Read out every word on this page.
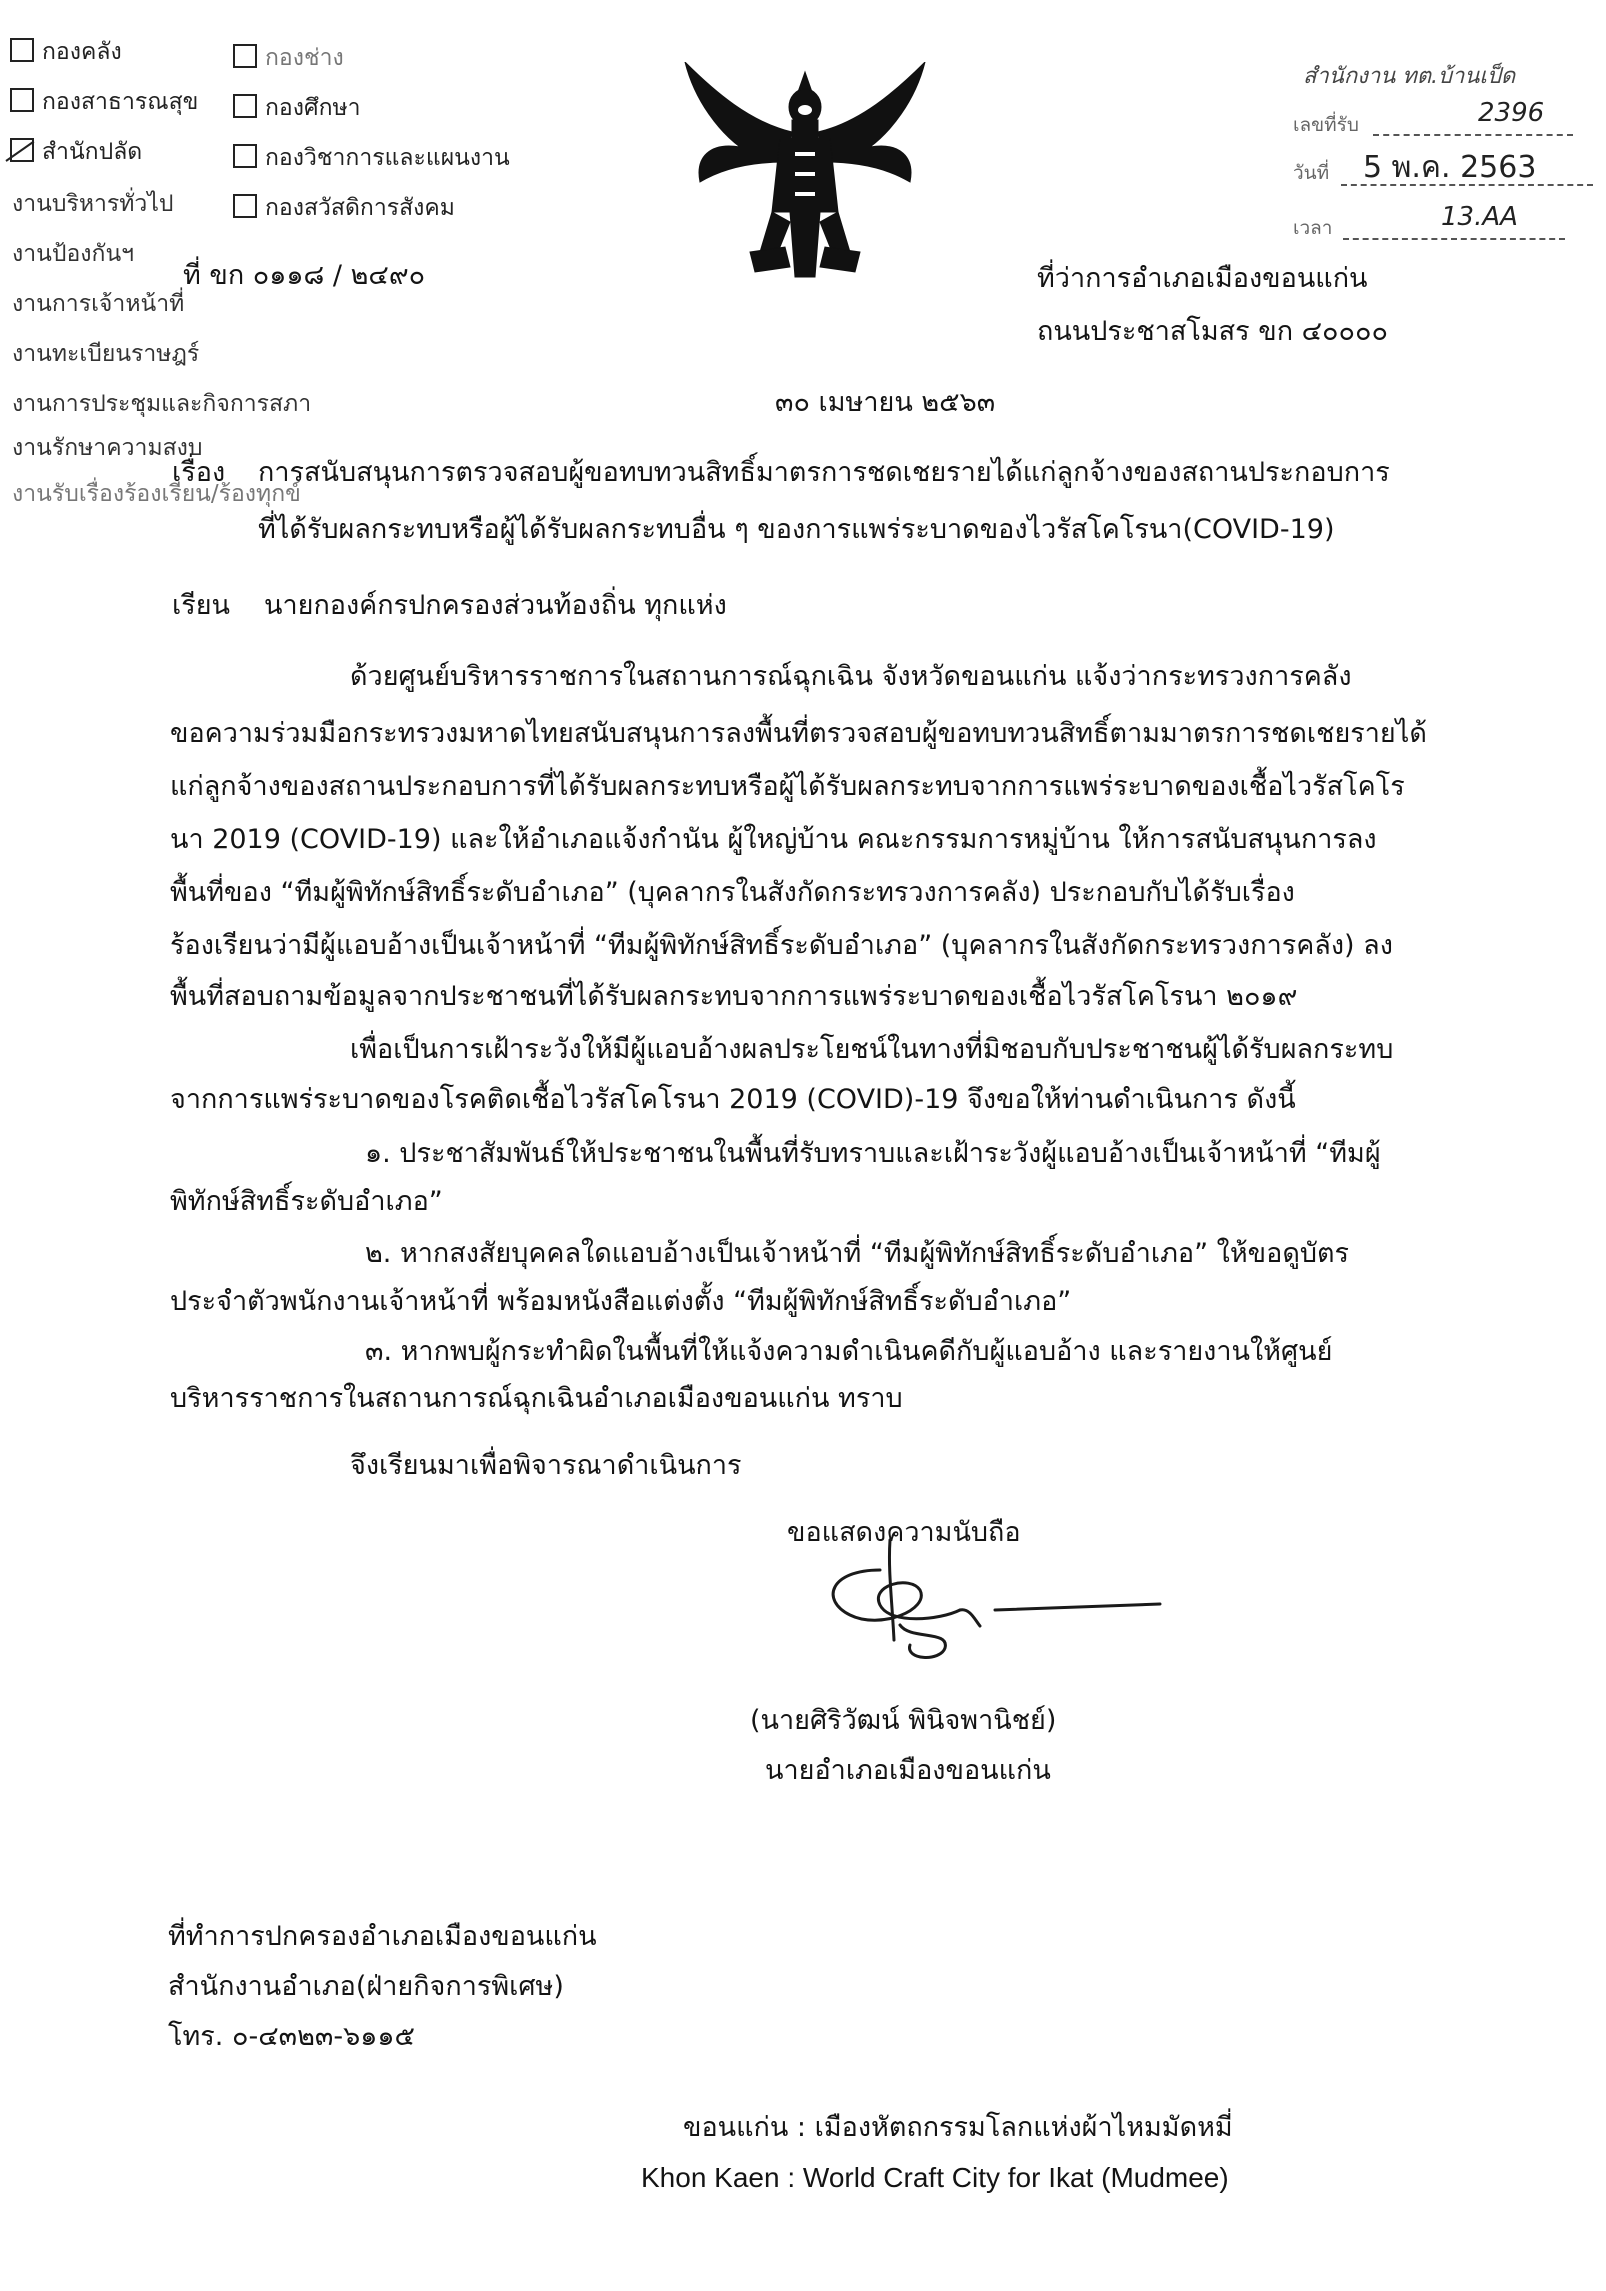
กองคลัง
กองสาธารณสุข
สำนักปลัด
กองช่าง
กองศึกษา
กองวิชาการและแผนงาน
กองสวัสดิการสังคม
งานบริหารทั่วไป
งานป้องกันฯ
งานการเจ้าหน้าที่
งานทะเบียนราษฎร์
งานการประชุมและกิจการสภา
งานรักษาความสงบ
งานรับเรื่องร้องเรียน/ร้องทุกข์
สำนักงาน ทต.บ้านเป็ด
เลขที่รับ	2396
วันที่ 5 พ.ค. 2563
เวลา	13.AA
ที่ ขก ๐๑๑๘ / ๒๔๙๐	ที่ว่าการอำเภอเมืองขอนแก่น
ถนนประชาสโมสร ขก ๔๐๐๐๐
๓๐ เมษายน ๒๕๖๓
เรื่อง การสนับสนุนการตรวจสอบผู้ขอทบทวนสิทธิ์มาตรการชดเชยรายได้แก่ลูกจ้างของสถานประกอบการ
ที่ได้รับผลกระทบหรือผู้ได้รับผลกระทบอื่น ๆ ของการแพร่ระบาดของไวรัสโคโรนา(COVID-19)
เรียน นายกองค์กรปกครองส่วนท้องถิ่น ทุกแห่ง
ด้วยศูนย์บริหารราชการในสถานการณ์ฉุกเฉิน จังหวัดขอนแก่น แจ้งว่ากระทรวงการคลัง
ขอความร่วมมือกระทรวงมหาดไทยสนับสนุนการลงพื้นที่ตรวจสอบผู้ขอทบทวนสิทธิ์ตามมาตรการชดเชยรายได้
แก่ลูกจ้างของสถานประกอบการที่ได้รับผลกระทบหรือผู้ได้รับผลกระทบจากการแพร่ระบาดของเชื้อไวรัสโคโร
นา 2019 (COVID-19) และให้อำเภอแจ้งกำนัน ผู้ใหญ่บ้าน คณะกรรมการหมู่บ้าน ให้การสนับสนุนการลง
พื้นที่ของ “ทีมผู้พิทักษ์สิทธิ์ระดับอำเภอ” (บุคลากรในสังกัดกระทรวงการคลัง) ประกอบกับได้รับเรื่อง
ร้องเรียนว่ามีผู้แอบอ้างเป็นเจ้าหน้าที่ “ทีมผู้พิทักษ์สิทธิ์ระดับอำเภอ” (บุคลากรในสังกัดกระทรวงการคลัง) ลง
พื้นที่สอบถามข้อมูลจากประชาชนที่ได้รับผลกระทบจากการแพร่ระบาดของเชื้อไวรัสโคโรนา ๒๐๑๙
เพื่อเป็นการเฝ้าระวังให้มีผู้แอบอ้างผลประโยชน์ในทางที่มิชอบกับประชาชนผู้ได้รับผลกระทบ
จากการแพร่ระบาดของโรคติดเชื้อไวรัสโคโรนา 2019 (COVID)-19 จึงขอให้ท่านดำเนินการ ดังนี้
๑. ประชาสัมพันธ์ให้ประชาชนในพื้นที่รับทราบและเฝ้าระวังผู้แอบอ้างเป็นเจ้าหน้าที่ “ทีมผู้
พิทักษ์สิทธิ์ระดับอำเภอ”
๒. หากสงสัยบุคคลใดแอบอ้างเป็นเจ้าหน้าที่ “ทีมผู้พิทักษ์สิทธิ์ระดับอำเภอ” ให้ขอดูบัตร
ประจำตัวพนักงานเจ้าหน้าที่ พร้อมหนังสือแต่งตั้ง “ทีมผู้พิทักษ์สิทธิ์ระดับอำเภอ”
๓. หากพบผู้กระทำผิดในพื้นที่ให้แจ้งความดำเนินคดีกับผู้แอบอ้าง และรายงานให้ศูนย์
บริหารราชการในสถานการณ์ฉุกเฉินอำเภอเมืองขอนแก่น ทราบ
จึงเรียนมาเพื่อพิจารณาดำเนินการ
ขอแสดงความนับถือ
(นายศิริวัฒน์ พินิจพานิชย์)
นายอำเภอเมืองขอนแก่น
ที่ทำการปกครองอำเภอเมืองขอนแก่น
สำนักงานอำเภอ(ฝ่ายกิจการพิเศษ)
โทร. ๐-๔๓๒๓-๖๑๑๕
ขอนแก่น : เมืองหัตถกรรมโลกแห่งผ้าไหมมัดหมี่
Khon Kaen : World Craft City for Ikat (Mudmee)
